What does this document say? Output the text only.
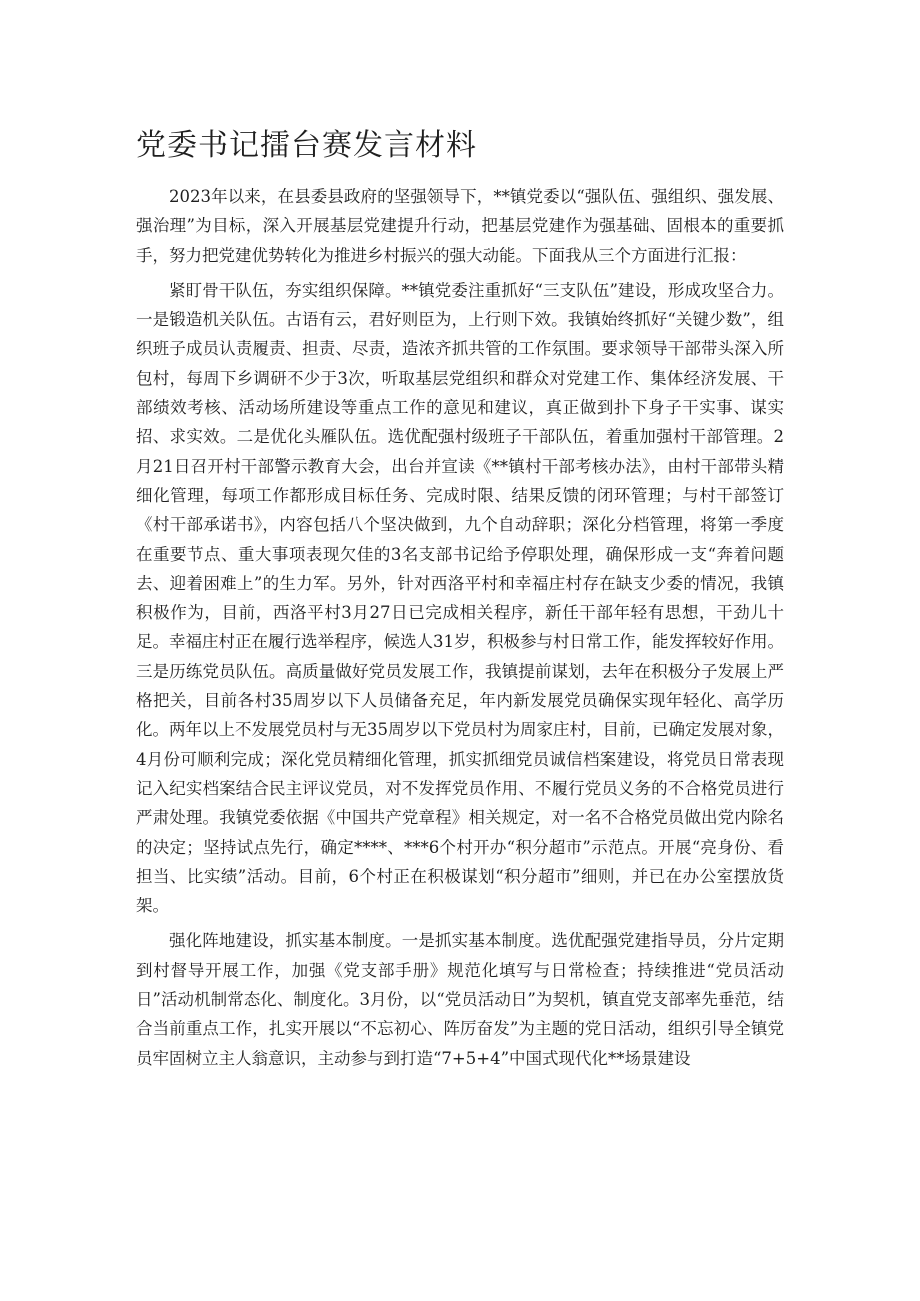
党委书记擂台赛发言材料

2023年以来，在县委县政府的坚强领导下，**镇党委以“强队伍、强组织、强发展、强治理”为目标，深入开展基层党建提升行动，把基层党建作为强基础、固根本的重要抓手，努力把党建优势转化为推进乡村振兴的强大动能。下面我从三个方面进行汇报：

紧盯骨干队伍，夯实组织保障。**镇党委注重抓好“三支队伍”建设，形成攻坚合力。一是锻造机关队伍。古语有云，君好则臣为，上行则下效。我镇始终抓好“关键少数”，组织班子成员认责履责、担责、尽责，造浓齐抓共管的工作氛围。要求领导干部带头深入所包村，每周下乡调研不少于3次，听取基层党组织和群众对党建工作、集体经济发展、干部绩效考核、活动场所建设等重点工作的意见和建议，真正做到扑下身子干实事、谋实招、求实效。二是优化头雁队伍。选优配强村级班子干部队伍，着重加强村干部管理。2月21日召开村干部警示教育大会，出台并宣读《**镇村干部考核办法》，由村干部带头精细化管理，每项工作都形成目标任务、完成时限、结果反馈的闭环管理；与村干部签订《村干部承诺书》，内容包括八个坚决做到，九个自动辞职；深化分档管理，将第一季度在重要节点、重大事项表现欠佳的3名支部书记给予停职处理，确保形成一支“奔着问题去、迎着困难上”的生力军。另外，针对西洛平村和幸福庄村存在缺支少委的情况，我镇积极作为，目前，西洛平村3月27日已完成相关程序，新任干部年轻有思想，干劲儿十足。幸福庄村正在履行选举程序，候选人31岁，积极参与村日常工作，能发挥较好作用。三是历练党员队伍。高质量做好党员发展工作，我镇提前谋划，去年在积极分子发展上严格把关，目前各村35周岁以下人员储备充足，年内新发展党员确保实现年轻化、高学历化。两年以上不发展党员村与无35周岁以下党员村为周家庄村，目前，已确定发展对象，4月份可顺利完成；深化党员精细化管理，抓实抓细党员诚信档案建设，将党员日常表现记入纪实档案结合民主评议党员，对不发挥党员作用、不履行党员义务的不合格党员进行严肃处理。我镇党委依据《中国共产党章程》相关规定，对一名不合格党员做出党内除名的决定；坚持试点先行，确定****、***6个村开办“积分超市”示范点。开展“亮身份、看担当、比实绩”活动。目前，6个村正在积极谋划“积分超市”细则，并已在办公室摆放货架。

强化阵地建设，抓实基本制度。一是抓实基本制度。选优配强党建指导员，分片定期到村督导开展工作，加强《党支部手册》规范化填写与日常检查；持续推进“党员活动日”活动机制常态化、制度化。3月份，以“党员活动日”为契机，镇直党支部率先垂范，结合当前重点工作，扎实开展以“不忘初心、阵厉奋发”为主题的党日活动，组织引导全镇党员牢固树立主人翁意识，主动参与到打造“7+5+4”中国式现代化**场景建设
